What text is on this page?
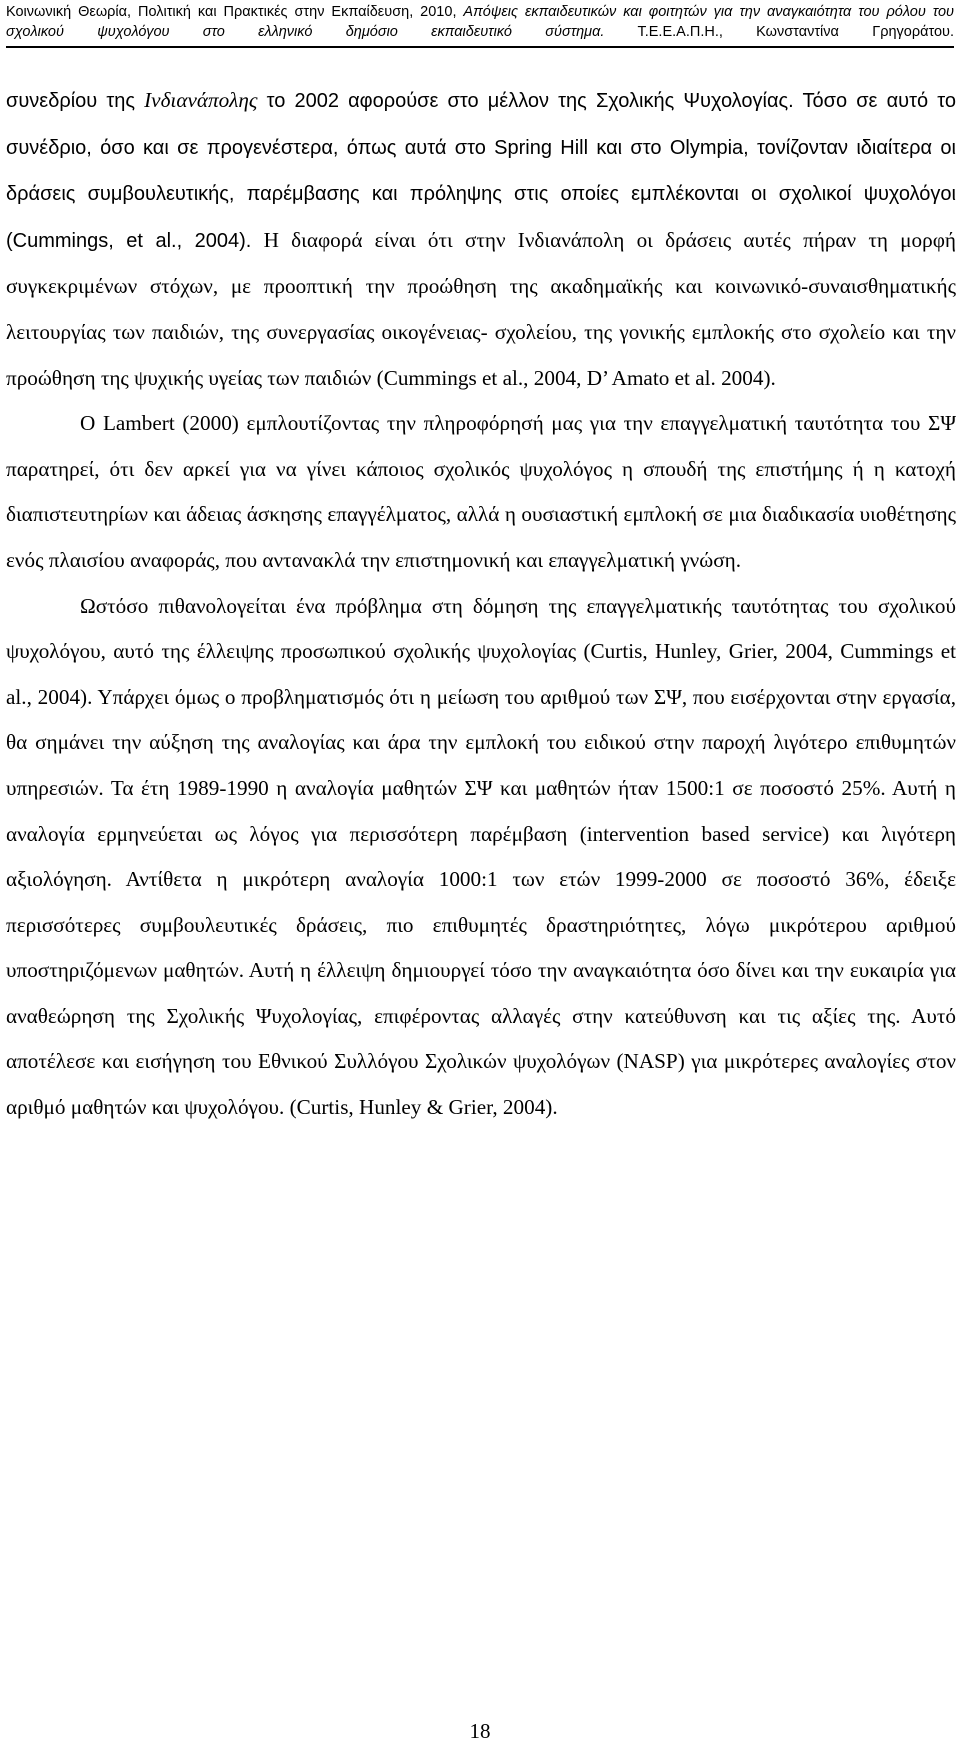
Κοινωνική Θεωρία, Πολιτική και Πρακτικές στην Εκπαίδευση, 2010, Απόψεις εκπαιδευτικών και φοιτητών για την αναγκαιότητα του ρόλου του
σχολικού ψυχολόγου στο ελληνικό δημόσιο εκπαιδευτικό σύστημα. Τ.Ε.Ε.Α.Π.Η., Κωνσταντίνα Γρηγοράτου.

συνεδρίου της Ινδιανάπολης το 2002 αφορούσε στο μέλλον της Σχολικής Ψυχολογίας. Τόσο σε αυτό το συνέδριο, όσο και σε προγενέστερα, όπως αυτά στο Spring Hill και στο Olympia, τονίζονταν ιδιαίτερα οι δράσεις συμβουλευτικής, παρέμβασης και πρόληψης στις οποίες εμπλέκονται οι σχολικοί ψυχολόγοι (Cummings, et al., 2004). Η διαφορά είναι ότι στην Ινδιανάπολη οι δράσεις αυτές πήραν τη μορφή συγκεκριμένων στόχων, με προοπτική την προώθηση της ακαδημαϊκής και κοινωνικό-συναισθηματικής λειτουργίας των παιδιών, της συνεργασίας οικογένειας- σχολείου, της γονικής εμπλοκής στο σχολείο και την προώθηση της ψυχικής υγείας των παιδιών (Cummings et al., 2004, D’ Amato et al. 2004).

Ο Lambert (2000) εμπλουτίζοντας την πληροφόρησή μας για την επαγγελματική ταυτότητα του ΣΨ παρατηρεί, ότι δεν αρκεί για να γίνει κάποιος σχολικός ψυχολόγος η σπουδή της επιστήμης ή η κατοχή διαπιστευτηρίων και άδειας άσκησης επαγγέλματος, αλλά η ουσιαστική εμπλοκή σε μια διαδικασία υιοθέτησης ενός πλαισίου αναφοράς, που αντανακλά την επιστημονική και επαγγελματική γνώση.

Ωστόσο πιθανολογείται ένα πρόβλημα στη δόμηση της επαγγελματικής ταυτότητας του σχολικού ψυχολόγου, αυτό της έλλειψης προσωπικού σχολικής ψυχολογίας (Curtis, Hunley, Grier, 2004, Cummings et al., 2004). Υπάρχει όμως ο προβληματισμός ότι η μείωση του αριθμού των ΣΨ, που εισέρχονται στην εργασία, θα σημάνει την αύξηση της αναλογίας και άρα την εμπλοκή του ειδικού στην παροχή λιγότερο επιθυμητών υπηρεσιών. Τα έτη 1989-1990 η αναλογία μαθητών ΣΨ και μαθητών ήταν 1500:1 σε ποσοστό 25%. Αυτή η αναλογία ερμηνεύεται ως λόγος για περισσότερη παρέμβαση (intervention based service) και λιγότερη αξιολόγηση. Αντίθετα η μικρότερη αναλογία 1000:1 των ετών 1999-2000 σε ποσοστό 36%, έδειξε περισσότερες συμβουλευτικές δράσεις, πιο επιθυμητές δραστηριότητες, λόγω μικρότερου αριθμού υποστηριζόμενων μαθητών. Αυτή η έλλειψη δημιουργεί τόσο την αναγκαιότητα όσο δίνει και την ευκαιρία για αναθεώρηση της Σχολικής Ψυχολογίας, επιφέροντας αλλαγές στην κατεύθυνση και τις αξίες της. Αυτό αποτέλεσε και εισήγηση του Εθνικού Συλλόγου Σχολικών ψυχολόγων (NASP) για μικρότερες αναλογίες στον αριθμό μαθητών και ψυχολόγου. (Curtis, Hunley & Grier, 2004).

18
